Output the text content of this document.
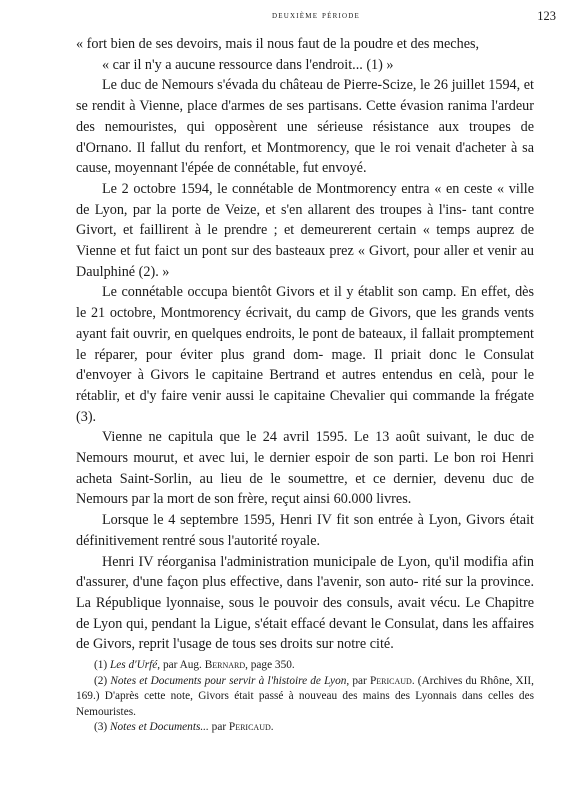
deuxième période	123

« fort bien de ses devoirs, mais il nous faut de la poudre et des meches,

« car il n'y a aucune ressource dans l'endroit... (1) »

Le duc de Nemours s'évada du château de Pierre-Scize, le 26 juillet 1594, et se rendit à Vienne, place d'armes de ses partisans. Cette évasion ranima l'ardeur des nemouristes, qui opposèrent une sérieuse résistance aux troupes de d'Ornano. Il fallut du renfort, et Montmorency, que le roi venait d'acheter à sa cause, moyennant l'épée de connétable, fut envoyé.

Le 2 octobre 1594, le connétable de Montmorency entra « en ceste « ville de Lyon, par la porte de Veize, et s'en allarent des troupes à l'ins- tant contre Givort, et faillirent à le prendre ; et demeurerent certain « temps auprez de Vienne et fut faict un pont sur des basteaux prez « Givort, pour aller et venir au Daulphiné (2). »

Le connétable occupa bientôt Givors et il y établit son camp. En effet, dès le 21 octobre, Montmorency écrivait, du camp de Givors, que les grands vents ayant fait ouvrir, en quelques endroits, le pont de bateaux, il fallait promptement le réparer, pour éviter plus grand dom- mage. Il priait donc le Consulat d'envoyer à Givors le capitaine Bertrand et autres entendus en celà, pour le rétablir, et d'y faire venir aussi le capitaine Chevalier qui commande la frégate (3).

Vienne ne capitula que le 24 avril 1595. Le 13 août suivant, le duc de Nemours mourut, et avec lui, le dernier espoir de son parti. Le bon roi Henri acheta Saint-Sorlin, au lieu de le soumettre, et ce dernier, devenu duc de Nemours par la mort de son frère, reçut ainsi 60.000 livres.

Lorsque le 4 septembre 1595, Henri IV fit son entrée à Lyon, Givors était définitivement rentré sous l'autorité royale.

Henri IV réorganisa l'administration municipale de Lyon, qu'il modifia afin d'assurer, d'une façon plus effective, dans l'avenir, son auto- rité sur la province. La République lyonnaise, sous le pouvoir des consuls, avait vécu. Le Chapitre de Lyon qui, pendant la Ligue, s'était effacé devant le Consulat, dans les affaires de Givors, reprit l'usage de tous ses droits sur notre cité.

(1) Les d'Urfé, par Aug. Bernard, page 350.

(2) Notes et Documents pour servir à l'histoire de Lyon, par Pericaud. (Archives du Rhône, XII, 169.) D'après cette note, Givors était passé à nouveau des mains des Lyonnais dans celles des Nemouristes.

(3) Notes et Documents... par Pericaud.
